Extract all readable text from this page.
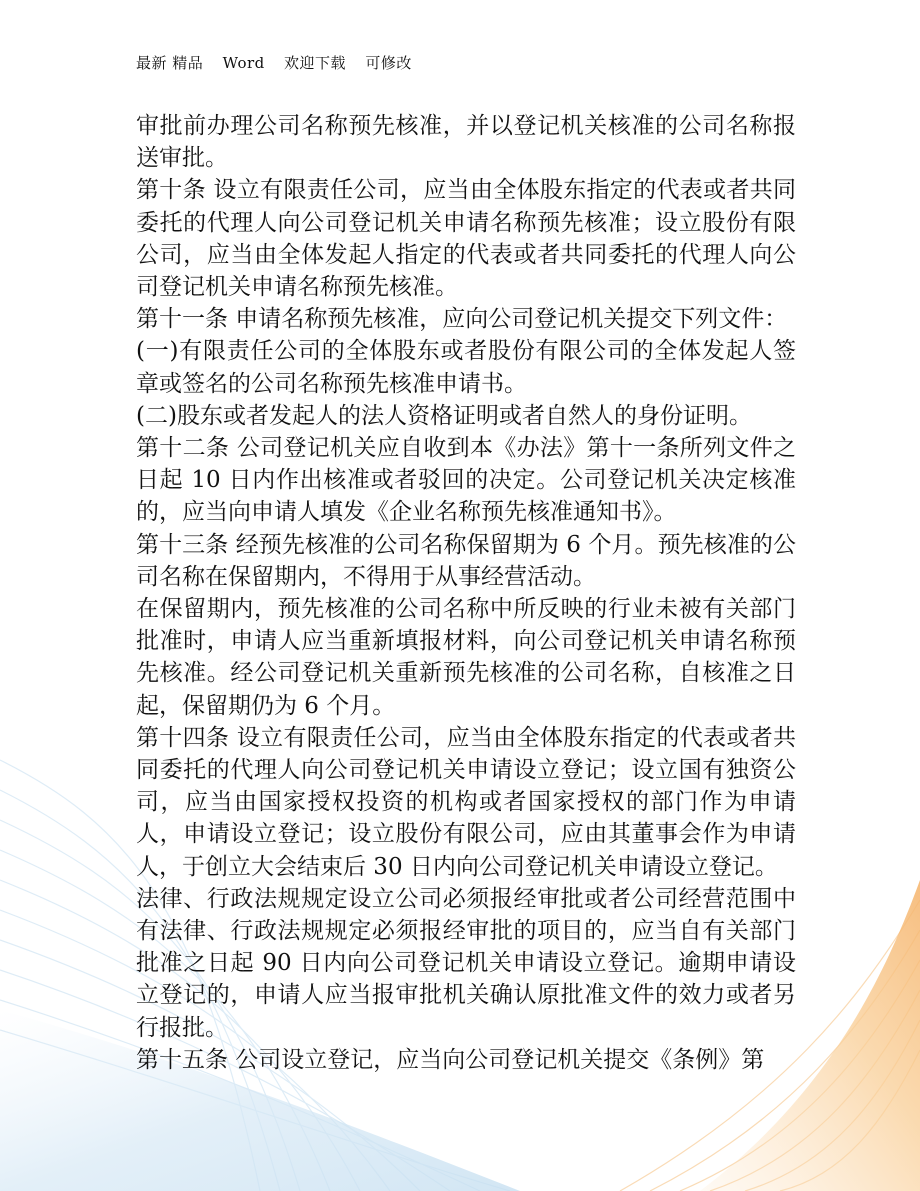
最新 精品 Word 欢迎下载 可修改

审批前办理公司名称预先核准，并以登记机关核准的公司名称报送审批。

第十条 设立有限责任公司，应当由全体股东指定的代表或者共同委托的代理人向公司登记机关申请名称预先核准；设立股份有限公司，应当由全体发起人指定的代表或者共同委托的代理人向公司登记机关申请名称预先核准。

第十一条 申请名称预先核准，应向公司登记机关提交下列文件：

(一)有限责任公司的全体股东或者股份有限公司的全体发起人签章或签名的公司名称预先核准申请书。

(二)股东或者发起人的法人资格证明或者自然人的身份证明。

第十二条 公司登记机关应自收到本《办法》第十一条所列文件之日起 10 日内作出核准或者驳回的决定。公司登记机关决定核准的，应当向申请人填发《企业名称预先核准通知书》。

第十三条 经预先核准的公司名称保留期为 6 个月。预先核准的公司名称在保留期内，不得用于从事经营活动。

在保留期内，预先核准的公司名称中所反映的行业未被有关部门批准时，申请人应当重新填报材料，向公司登记机关申请名称预先核准。经公司登记机关重新预先核准的公司名称，自核准之日起，保留期仍为 6 个月。

第十四条 设立有限责任公司，应当由全体股东指定的代表或者共同委托的代理人向公司登记机关申请设立登记；设立国有独资公司，应当由国家授权投资的机构或者国家授权的部门作为申请人，申请设立登记；设立股份有限公司，应由其董事会作为申请人，于创立大会结束后 30 日内向公司登记机关申请设立登记。

法律、行政法规规定设立公司必须报经审批或者公司经营范围中有法律、行政法规规定必须报经审批的项目的，应当自有关部门批准之日起 90 日内向公司登记机关申请设立登记。逾期申请设立登记的，申请人应当报审批机关确认原批准文件的效力或者另行报批。

第十五条 公司设立登记，应当向公司登记机关提交《条例》第
